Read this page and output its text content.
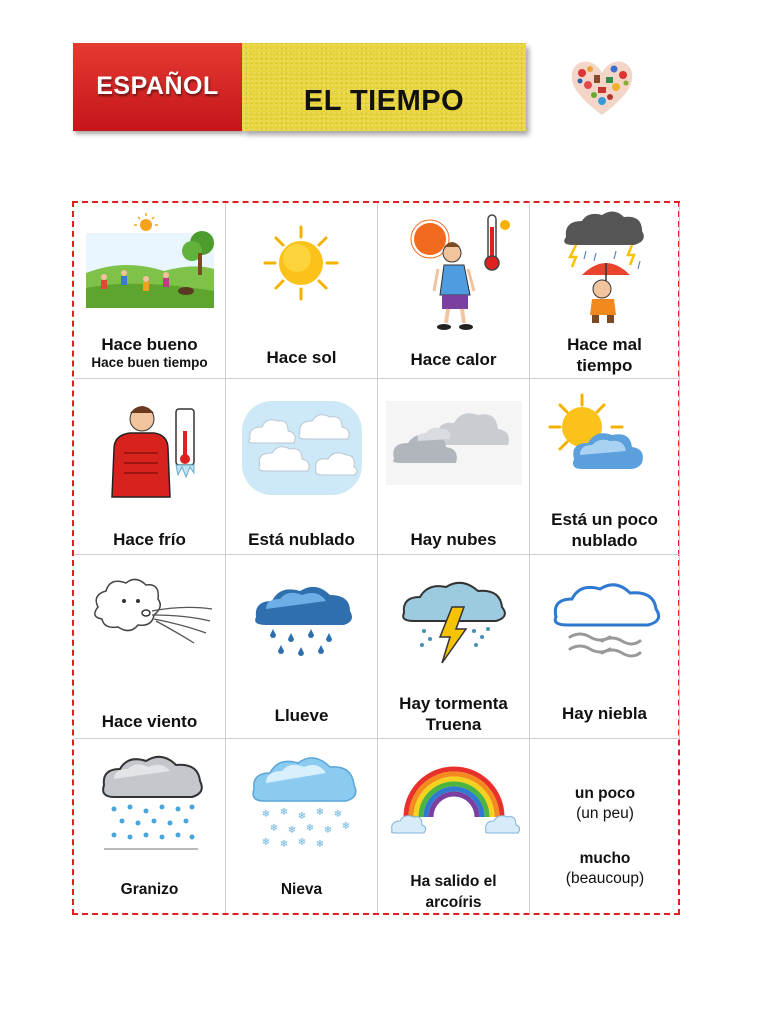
ESPAÑOL	EL TIEMPO
Hace bueno
Hace buen tiempo	Hace sol	Hace calor
Hace mal
tiempo
Hace frío	Está nublado	Hay nubes
Está un poco
nublado
Hace viento	Llueve
Hay tormenta
Truena
Hay niebla
Granizo
❄ ❄ ❄ ❄ ❄
❄ ❄ ❄ ❄ ❄
❄ ❄ ❄ ❄
Nieva	Ha salido el
arcoíris
un poco
(un peu)
mucho
(beaucoup)
